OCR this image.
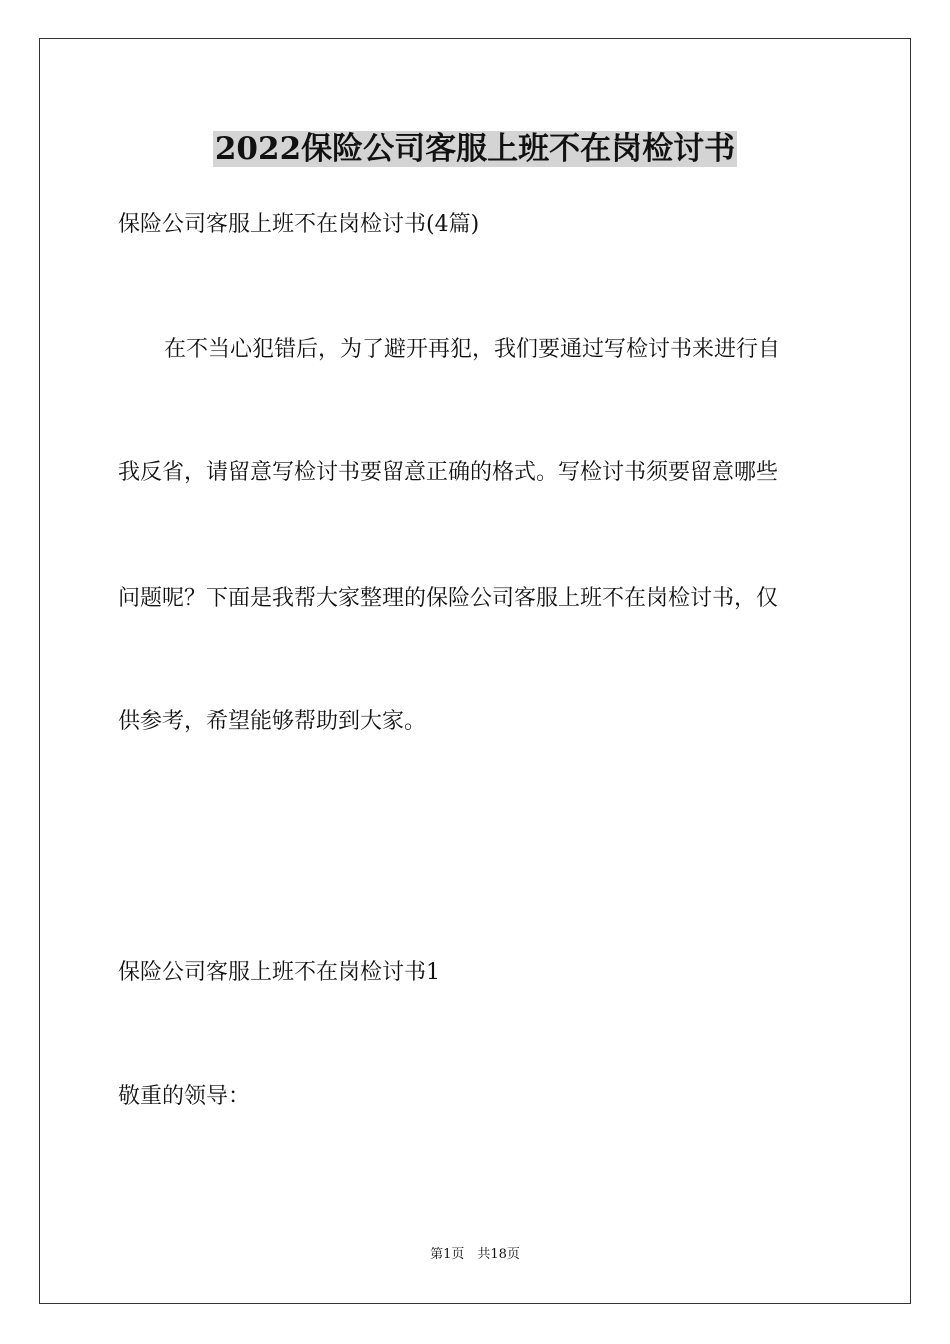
2022保险公司客服上班不在岗检讨书
保险公司客服上班不在岗检讨书(4篇)
在不当心犯错后，为了避开再犯，我们要通过写检讨书来进行自
我反省，请留意写检讨书要留意正确的格式。写检讨书须要留意哪些
问题呢？下面是我帮大家整理的保险公司客服上班不在岗检讨书，仅
供参考，希望能够帮助到大家。
保险公司客服上班不在岗检讨书1
敬重的领导：
第1页　共18页
